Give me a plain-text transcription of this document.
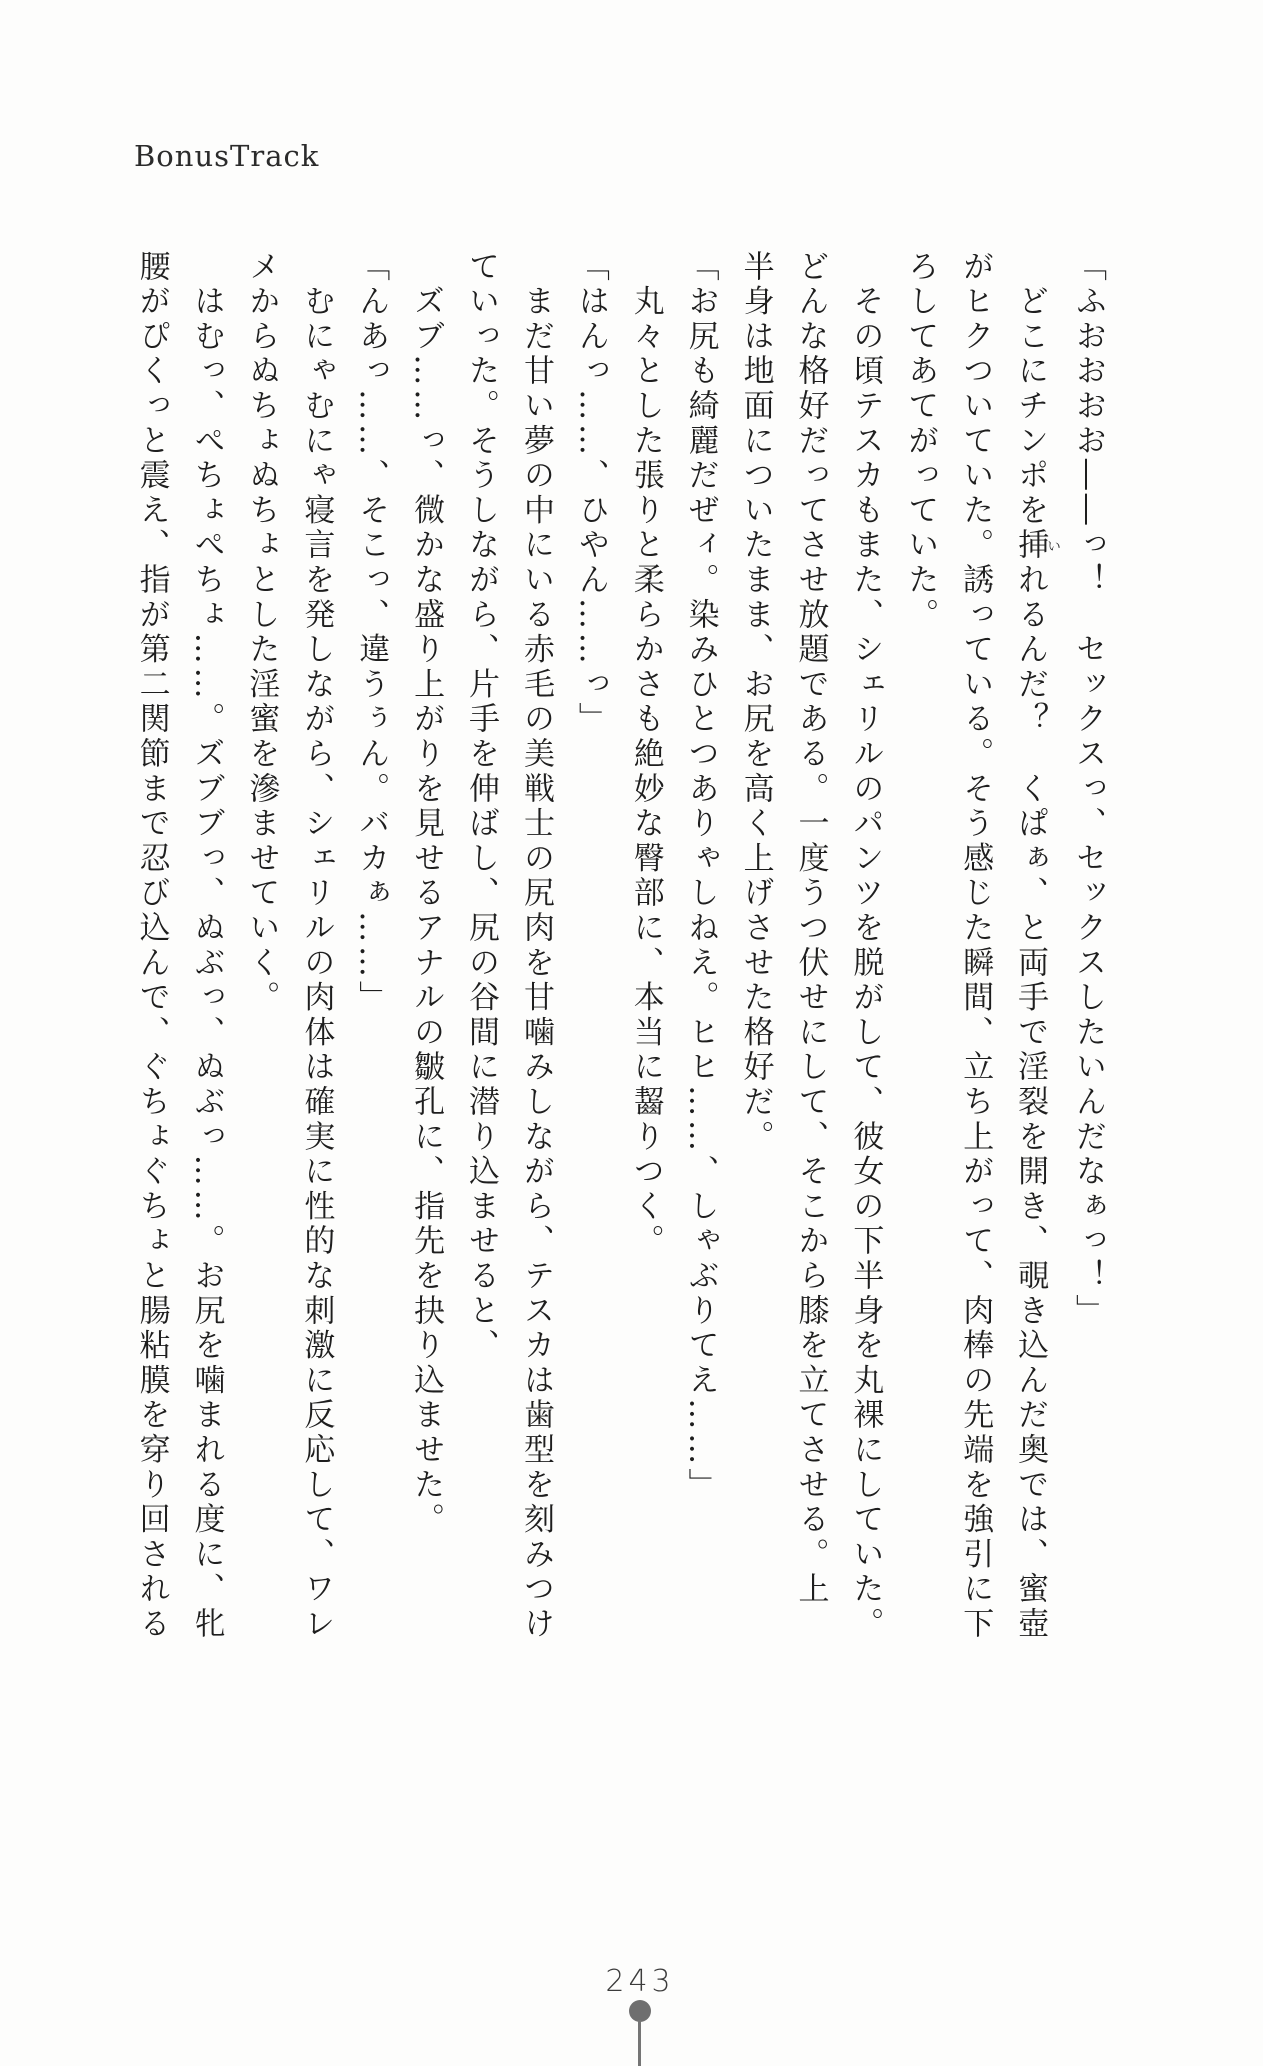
BonusTrack
「ふおおおお――っ！　セックスっ、セックスしたいんだなぁっ！」
　どこにチンポを挿いれるんだ？　くぱぁ、と両手で淫裂を開き、覗き込んだ奥では、蜜壺
がヒクついていた。誘っている。そう感じた瞬間、立ち上がって、肉棒の先端を強引に下
ろしてあてがっていた。
　その頃テスカもまた、シェリルのパンツを脱がして、彼女の下半身を丸裸にしていた。
どんな格好だってさせ放題である。一度うつ伏せにして、そこから膝を立てさせる。上
半身は地面についたまま、お尻を高く上げさせた格好だ。
「お尻も綺麗だぜィ。染みひとつありゃしねえ。ヒヒ……、しゃぶりてえ……」
　丸々とした張りと柔らかさも絶妙な臀部に、本当に齧りつく。
「はんっ……、ひやん……っ」
　まだ甘い夢の中にいる赤毛の美戦士の尻肉を甘噛みしながら、テスカは歯型を刻みつけ
ていった。そうしながら、片手を伸ばし、尻の谷間に潜り込ませると、
　ズブ……っ、微かな盛り上がりを見せるアナルの皺孔に、指先を抉り込ませた。
「んあっ……、そこっ、違うぅん。バカぁ……」
　むにゃむにゃ寝言を発しながら、シェリルの肉体は確実に性的な刺激に反応して、ワレ
メからぬちょぬちょとした淫蜜を滲ませていく。
　はむっ、ぺちょぺちょ……。ズブブっ、ぬぶっ、ぬぶっ……。お尻を噛まれる度に、牝
腰がぴくっと震え、指が第二関節まで忍び込んで、ぐちょぐちょと腸粘膜を穿り回される
243
